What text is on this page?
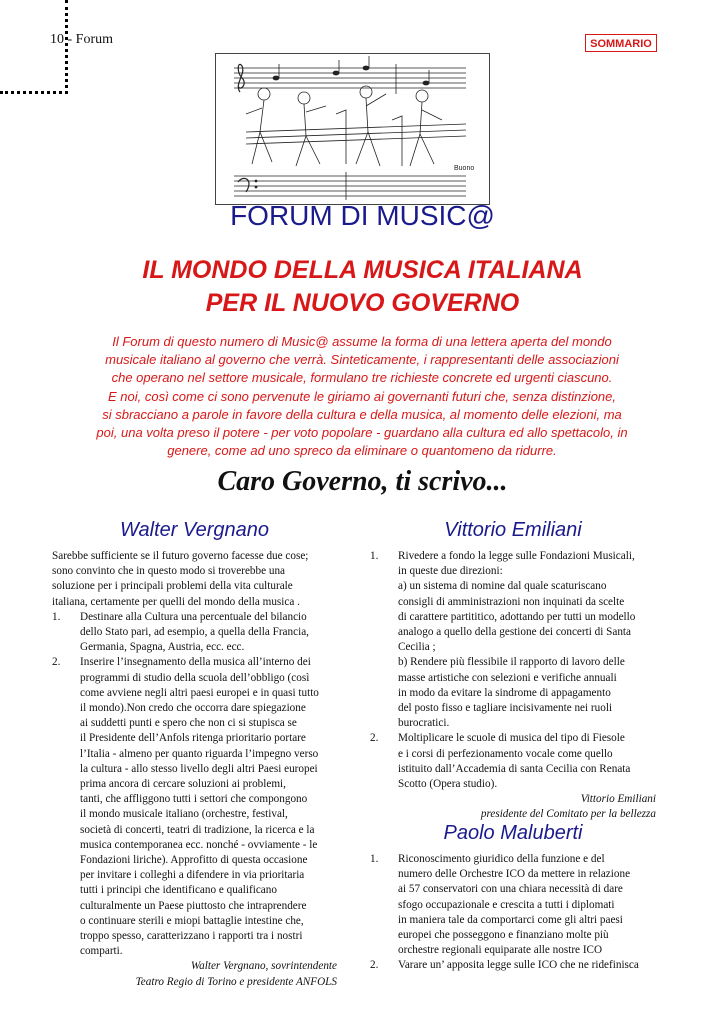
10 - Forum	SOMMARIO
Buono
FORUM DI MUSIC@
IL MONDO DELLA MUSICA ITALIANA
PER IL NUOVO GOVERNO
Il Forum di questo numero di Music@ assume la forma di una lettera aperta del mondo
musicale italiano al governo che verrà. Sinteticamente, i rappresentanti delle associazioni
che operano nel settore musicale, formulano tre richieste concrete ed urgenti ciascuno.
E noi, così come ci sono pervenute le giriamo ai governanti futuri che, senza distinzione,
si sbracciano a parole in favore della cultura e della musica, al momento delle elezioni, ma
poi, una volta preso il potere - per voto popolare - guardano alla cultura ed allo spettacolo, in
genere, come ad uno spreco da eliminare o quantomeno da ridurre.
Caro Governo, ti scrivo...
Walter Vergnano

Sarebbe sufficiente se il futuro governo facesse due cose;

sono convinto che in questo modo si troverebbe una

soluzione per i principali problemi della vita culturale

italiana, certamente per quelli del mondo della musica .

1. Destinare alla Cultura una percentuale del bilancio
dello Stato pari, ad esempio, a quella della Francia,
Germania, Spagna, Austria, ecc. ecc.
2. Inserire l’insegnamento della musica all’interno dei
programmi di studio della scuola dell’obbligo (così
come avviene negli altri paesi europei e in quasi tutto
il mondo).Non credo che occorra dare spiegazione
ai suddetti punti e spero che non ci si stupisca se
il Presidente dell’Anfols ritenga prioritario portare
l’Italia - almeno per quanto riguarda l’impegno verso
la cultura - allo stesso livello degli altri Paesi europei
prima ancora di cercare soluzioni ai problemi,
tanti, che affliggono tutti i settori che compongono
il mondo musicale italiano (orchestre, festival,
società di concerti, teatri di tradizione, la ricerca e la
musica contemporanea ecc. nonché - ovviamente - le
Fondazioni liriche). Approfitto di questa occasione
per invitare i colleghi a difendere in via prioritaria
tutti i principi che identificano e qualificano
culturalmente un Paese piuttosto che intraprendere
o continuare sterili e miopi battaglie intestine che,
troppo spesso, caratterizzano i rapporti tra i nostri
comparti.
Walter Vergnano, sovrintendente
Teatro Regio di Torino e presidente ANFOLS
Vittorio Emiliani
1. Rivedere a fondo la legge sulle Fondazioni Musicali,
in queste due direzioni:
a) un sistema di nomine dal quale scaturiscano
consigli di amministrazioni non inquinati da scelte
di carattere partititico, adottando per tutti un modello
analogo a quello della gestione dei concerti di Santa
Cecilia ;
b) Rendere più flessibile il rapporto di lavoro delle
masse artistiche con selezioni e verifiche annuali
in modo da evitare la sindrome di appagamento
del posto fisso e tagliare incisivamente nei ruoli
burocratici.
2. Moltiplicare le scuole di musica del tipo di Fiesole
e i corsi di perfezionamento vocale come quello
istituito dall’Accademia di santa Cecilia con Renata
Scotto (Opera studio).
Vittorio Emiliani
presidente del Comitato per la bellezza
Paolo Maluberti
1. Riconoscimento giuridico della funzione e del
numero delle Orchestre ICO da mettere in relazione
ai 57 conservatori con una chiara necessità di dare
sfogo occupazionale e crescita a tutti i diplomati
in maniera tale da comportarci come gli altri paesi
europei che posseggono e finanziano molte più
orchestre regionali equiparate alle nostre ICO
2. Varare un’ apposita legge sulle ICO che ne ridefinisca
